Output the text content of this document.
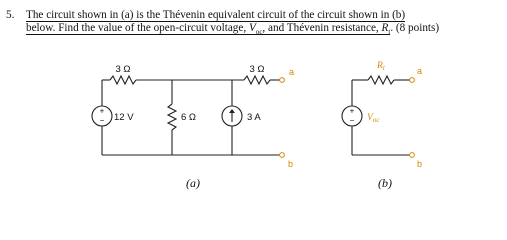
5. The circuit shown in (a) is the Thévenin equivalent circuit of the circuit shown in (b)
below. Find the value of the open-circuit voltage, $V_{oc}$, and Thévenin resistance, $R_t$. (8 points)
+
−
3 Ω	3 Ω
6 Ω
12 V	3 A
a
b
(a)
+
−
$R_t$
$V_{oc}$
a
b
(b)
